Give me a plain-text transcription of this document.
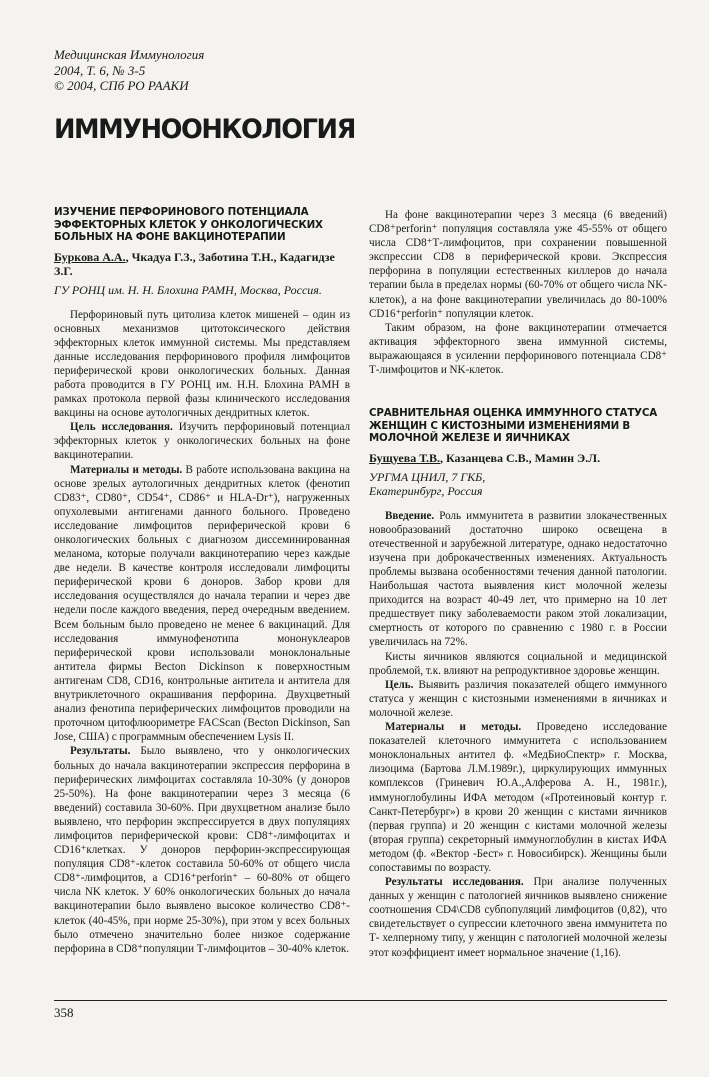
Медицинская Иммунология
2004, Т. 6, № 3-5
© 2004, СПб РО РААКИ
ИММУНООНКОЛОГИЯ
ИЗУЧЕНИЕ ПЕРФОРИНОВОГО ПОТЕНЦИАЛА ЭФФЕКТОРНЫХ КЛЕТОК У ОНКОЛОГИЧЕСКИХ БОЛЬНЫХ НА ФОНЕ ВАКЦИНОТЕРАПИИ
Буркова А.А., Чкадуа Г.З., Заботина Т.Н., Кадагидзе З.Г.
ГУ РОНЦ им. Н. Н. Блохина РАМН, Москва, Россия.

Перфориновый путь цитолиза клеток мишеней – один из основных механизмов цитотоксического действия эффекторных клеток иммунной системы. Мы представляем данные исследования перфоринового профиля лимфоцитов периферической крови онкологических больных. Данная работа проводится в ГУ РОНЦ им. Н.Н. Блохина РАМН в рамках протокола первой фазы клинического исследования вакцины на основе аутологичных дендритных клеток.

Цель исследования. Изучить перфориновый потенциал эффекторных клеток у онкологических больных на фоне вакцинотерапии.

Материалы и методы. В работе использована вакцина на основе зрелых аутологичных дендритных клеток (фенотип CD83⁺, CD80⁺, CD54⁺, CD86⁺ и HLA-Dr⁺), нагруженных опухолевыми антигенами данного больного. Проведено исследование лимфоцитов периферической крови 6 онкологических больных с диагнозом диссеминированная меланома, которые получали вакцинотерапию через каждые две недели. В качестве контроля исследовали лимфоциты периферической крови 6 доноров. Забор крови для исследования осуществлялся до начала терапии и через две недели после каждого введения, перед очередным введением. Всем больным было проведено не менее 6 вакцинаций. Для исследования иммунофенотипа мононуклеаров периферической крови использовали моноклональные антитела фирмы Becton Dickinson к поверхностным антигенам CD8, CD16, контрольные антитела и антитела для внутриклеточного окрашивания перфорина. Двухцветный анализ фенотипа периферических лимфоцитов проводили на проточном цитофлюориметре FACScan (Becton Dickinson, San Jose, США) с программным обеспечением Lysis II.

Результаты. Было выявлено, что у онкологических больных до начала вакцинотерапии экспрессия перфорина в периферических лимфоцитах составляла 10-30% (у доноров 25-50%). На фоне вакцинотерапии через 3 месяца (6 введений) составила 30-60%. При двухцветном анализе было выявлено, что перфорин экспрессируется в двух популяциях лимфоцитов периферической крови: CD8⁺-лимфоцитах и CD16⁺клетках. У доноров перфорин-экспрессирующая популяция CD8⁺-клеток составила 50-60% от общего числа CD8⁺-лимфоцитов, а CD16⁺perforin⁺ – 60-80% от общего числа NK клеток. У 60% онкологических больных до начала вакцинотерапии было выявлено высокое количество CD8⁺-клеток (40-45%, при норме 25-30%), при этом у всех больных было отмечено значительно более низкое содержание перфорина в CD8⁺популяции Т-лимфоцитов – 30-40% клеток.

На фоне вакцинотерапии через 3 месяца (6 введений) CD8⁺perforin⁺ популяция составляла уже 45-55% от общего числа CD8⁺Т-лимфоцитов, при сохранении повышенной экспрессии CD8 в периферической крови. Экспрессия перфорина в популяции естественных киллеров до начала терапии была в пределах нормы (60-70% от общего числа NK-клеток), а на фоне вакцинотерапии увеличилась до 80-100% CD16⁺perforin⁺ популяции клеток.

Таким образом, на фоне вакцинотерапии отмечается активация эффекторного звена иммунной системы, выражающаяся в усилении перфоринового потенциала CD8⁺ Т-лимфоцитов и NK-клеток.

СРАВНИТЕЛЬНАЯ ОЦЕНКА ИММУННОГО СТАТУСА ЖЕНЩИН С КИСТОЗНЫМИ ИЗМЕНЕНИЯМИ В МОЛОЧНОЙ ЖЕЛЕЗЕ И ЯИЧНИКАХ
Бущуева Т.В., Казанцева С.В., Мамин Э.Л.
УРГМА ЦНИЛ, 7 ГКБ,
Екатеринбург, Россия

Введение. Роль иммунитета в развитии злокачественных новообразований достаточно широко освещена в отечественной и зарубежной литературе, однако недостаточно изучена при доброкачественных изменениях. Актуальность проблемы вызвана особенностями течения данной патологии. Наибольшая частота выявления кист молочной железы приходится на возраст 40-49 лет, что примерно на 10 лет предшествует пику заболеваемости раком этой локализации, смертность от которого по сравнению с 1980 г. в России увеличилась на 72%.

Кисты яичников являются социальной и медицинской проблемой, т.к. влияют на репродуктивное здоровье женщин.

Цель. Выявить различия показателей общего иммунного статуса у женщин с кистозными изменениями в яичниках и молочной железе.

Материалы и методы. Проведено исследование показателей клеточного иммунитета с использованием моноклональных антител ф. «МедБиоСпектр» г. Москва, лизоцима (Бартова Л.М.1989г.), циркулирующих иммунных комплексов (Гриневич Ю.А.,Алферова А. Н., 1981г.), иммуноглобулины ИФА методом («Протеиновый контур г. Санкт-Петербург») в крови 20 женщин с кистами яичников (первая группа) и 20 женщин с кистами молочной железы (вторая группа) секреторный иммуноглобулин в кистах ИФА методом (ф. «Вектор -Бест» г. Новосибирск). Женщины были сопоставимы по возрасту.

Результаты исследования. При анализе полученных данных у женщин с патологией яичников выявлено снижение соотношения CD4\CD8 субпопуляций лимфоцитов (0,82), что свидетельствует о супрессии клеточного звена иммунитета по Т- хелперному типу, у женщин с патологией молочной железы этот коэффициент имеет нормальное значение (1,16).

358
